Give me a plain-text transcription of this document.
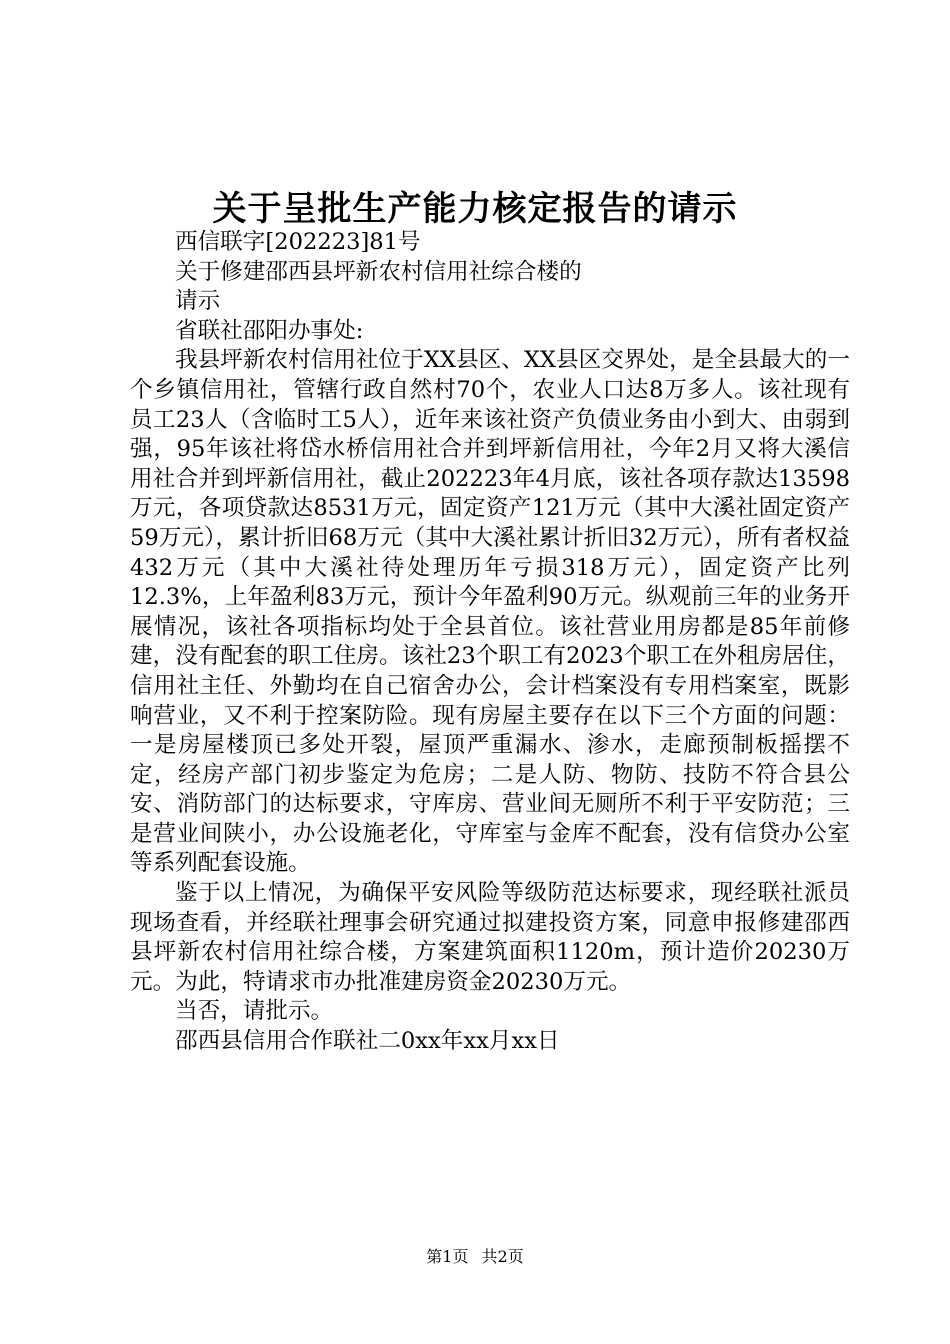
关于呈批生产能力核定报告的请示

西信联字[202223]81号

关于修建邵西县坪新农村信用社综合楼的

请示

省联社邵阳办事处:

我县坪新农村信用社位于XX县区、XX县区交界处，是全县最大的一个乡镇信用社，管辖行政自然村70个，农业人口达8万多人。该社现有员工23人（含临时工5人），近年来该社资产负债业务由小到大、由弱到强，95年该社将岱水桥信用社合并到坪新信用社，今年2月又将大溪信用社合并到坪新信用社，截止202223年4月底，该社各项存款达13598万元，各项贷款达8531万元，固定资产121万元（其中大溪社固定资产59万元），累计折旧68万元（其中大溪社累计折旧32万元），所有者权益432万元（其中大溪社待处理历年亏损318万元），固定资产比列12.3%，上年盈利83万元，预计今年盈利90万元。纵观前三年的业务开展情况，该社各项指标均处于全县首位。该社营业用房都是85年前修建，没有配套的职工住房。该社23个职工有2023个职工在外租房居住，信用社主任、外勤均在自己宿舍办公，会计档案没有专用档案室，既影响营业，又不利于控案防险。现有房屋主要存在以下三个方面的问题：一是房屋楼顶已多处开裂，屋顶严重漏水、渗水，走廊预制板摇摆不定，经房产部门初步鉴定为危房；二是人防、物防、技防不符合县公安、消防部门的达标要求，守库房、营业间无厕所不利于平安防范；三是营业间陕小，办公设施老化，守库室与金库不配套，没有信贷办公室等系列配套设施。

鉴于以上情况，为确保平安风险等级防范达标要求，现经联社派员现场查看，并经联社理事会研究通过拟建投资方案，同意申报修建邵西县坪新农村信用社综合楼，方案建筑面积1120m，预计造价20230万元。为此，特请求市办批准建房资金20230万元。

当否，请批示。

邵西县信用合作联社二0xx年xx月xx日

第1页 共2页
